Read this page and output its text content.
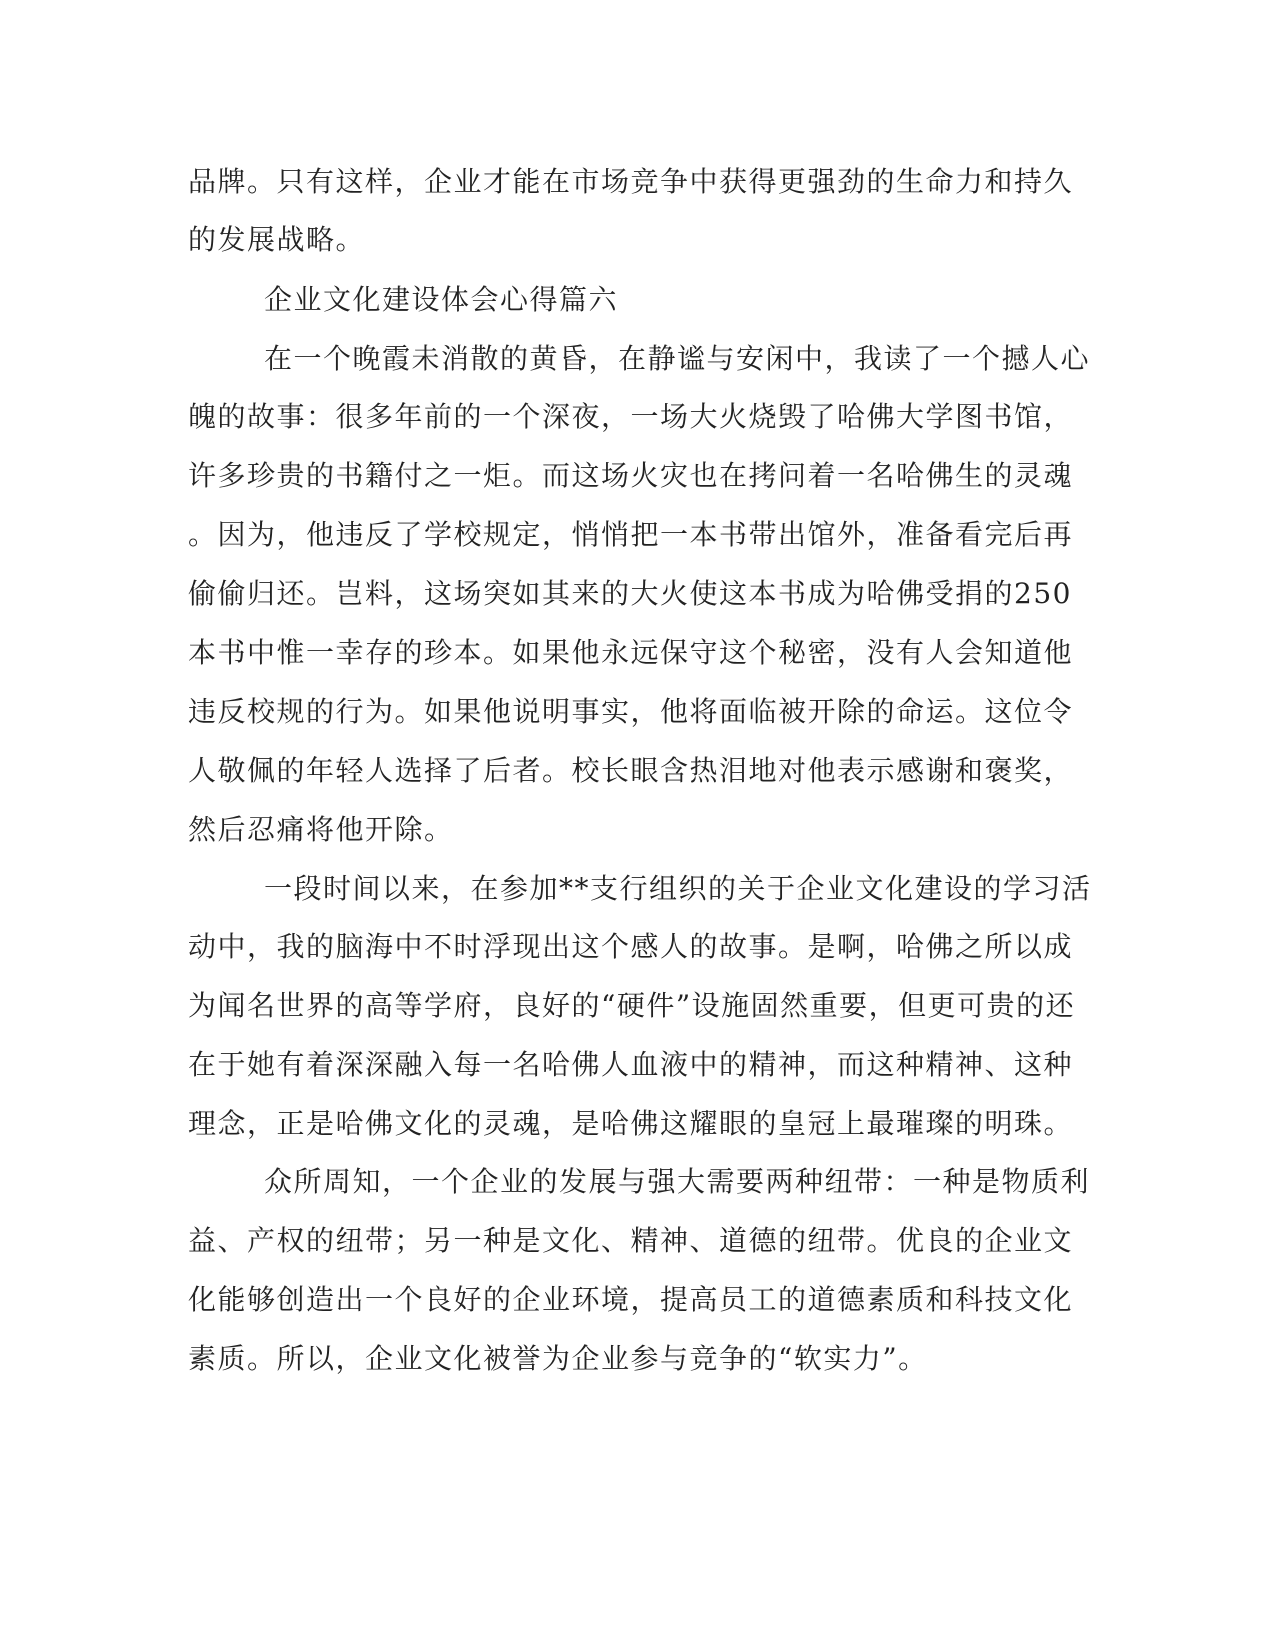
品牌。只有这样，企业才能在市场竞争中获得更强劲的生命力和持久
的发展战略。
企业文化建设体会心得篇六
在一个晚霞未消散的黄昏，在静谧与安闲中，我读了一个撼人心
魄的故事：很多年前的一个深夜，一场大火烧毁了哈佛大学图书馆，
许多珍贵的书籍付之一炬。而这场火灾也在拷问着一名哈佛生的灵魂
。因为，他违反了学校规定，悄悄把一本书带出馆外，准备看完后再
偷偷归还。岂料，这场突如其来的大火使这本书成为哈佛受捐的250
本书中惟一幸存的珍本。如果他永远保守这个秘密，没有人会知道他
违反校规的行为。如果他说明事实，他将面临被开除的命运。这位令
人敬佩的年轻人选择了后者。校长眼含热泪地对他表示感谢和褒奖，
然后忍痛将他开除。
一段时间以来，在参加**支行组织的关于企业文化建设的学习活
动中，我的脑海中不时浮现出这个感人的故事。是啊，哈佛之所以成
为闻名世界的高等学府，良好的“硬件”设施固然重要，但更可贵的还
在于她有着深深融入每一名哈佛人血液中的精神，而这种精神、这种
理念，正是哈佛文化的灵魂，是哈佛这耀眼的皇冠上最璀璨的明珠。
众所周知，一个企业的发展与强大需要两种纽带：一种是物质利
益、产权的纽带；另一种是文化、精神、道德的纽带。优良的企业文
化能够创造出一个良好的企业环境，提高员工的道德素质和科技文化
素质。所以，企业文化被誉为企业参与竞争的“软实力”。
